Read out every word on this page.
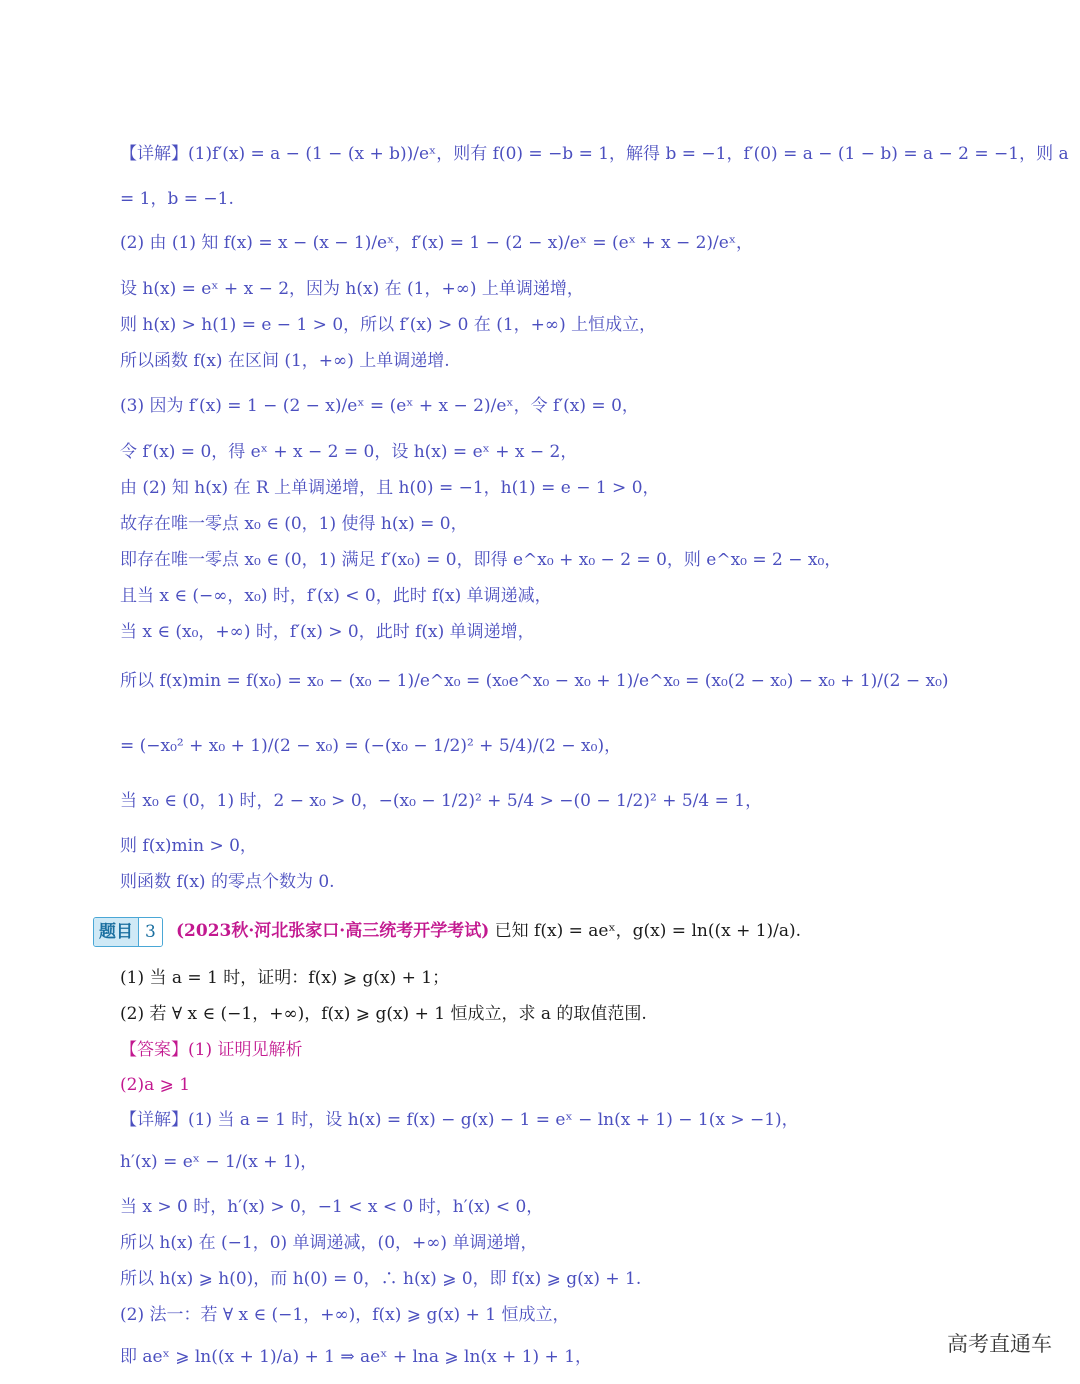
【详解】(1)f′(x) = a − (1 − (x + b))/eˣ，则有 f(0) = −b = 1，解得 b = −1，f′(0) = a − (1 − b) = a − 2 = −1，则 a
= 1，b = −1.
(2) 由 (1) 知 f(x) = x − (x − 1)/eˣ，f′(x) = 1 − (2 − x)/eˣ = (eˣ + x − 2)/eˣ，
设 h(x) = eˣ + x − 2，因为 h(x) 在 (1，+∞) 上单调递增，
则 h(x) > h(1) = e − 1 > 0，所以 f′(x) > 0 在 (1，+∞) 上恒成立，
所以函数 f(x) 在区间 (1，+∞) 上单调递增.
(3) 因为 f′(x) = 1 − (2 − x)/eˣ = (eˣ + x − 2)/eˣ，令 f′(x) = 0，
令 f′(x) = 0，得 eˣ + x − 2 = 0，设 h(x) = eˣ + x − 2，
由 (2) 知 h(x) 在 R 上单调递增，且 h(0) = −1，h(1) = e − 1 > 0，
故存在唯一零点 x₀ ∈ (0，1) 使得 h(x) = 0，
即存在唯一零点 x₀ ∈ (0，1) 满足 f′(x₀) = 0，即得 e^x₀ + x₀ − 2 = 0，则 e^x₀ = 2 − x₀，
且当 x ∈ (−∞，x₀) 时，f′(x) < 0，此时 f(x) 单调递减，
当 x ∈ (x₀，+∞) 时，f′(x) > 0，此时 f(x) 单调递增，
所以 f(x)min = f(x₀) = x₀ − (x₀ − 1)/e^x₀ = (x₀e^x₀ − x₀ + 1)/e^x₀ = (x₀(2 − x₀) − x₀ + 1)/(2 − x₀)
= (−x₀² + x₀ + 1)/(2 − x₀) = (−(x₀ − 1/2)² + 5/4)/(2 − x₀)，
当 x₀ ∈ (0，1) 时，2 − x₀ > 0，−(x₀ − 1/2)² + 5/4 > −(0 − 1/2)² + 5/4 = 1，
则 f(x)min > 0，
则函数 f(x) 的零点个数为 0.
题目 3	(2023秋·河北张家口·高三统考开学考试) 已知 f(x) = aeˣ，g(x) = ln((x + 1)/a).
(1) 当 a = 1 时，证明：f(x) ⩾ g(x) + 1；
(2) 若 ∀ x ∈ (−1，+∞)，f(x) ⩾ g(x) + 1 恒成立，求 a 的取值范围.
【答案】(1) 证明见解析
(2)a ⩾ 1
【详解】(1) 当 a = 1 时，设 h(x) = f(x) − g(x) − 1 = eˣ − ln(x + 1) − 1(x > −1)，
h′(x) = eˣ − 1/(x + 1)，
当 x > 0 时，h′(x) > 0，−1 < x < 0 时，h′(x) < 0，
所以 h(x) 在 (−1，0) 单调递减，(0，+∞) 单调递增，
所以 h(x) ⩾ h(0)，而 h(0) = 0，∴ h(x) ⩾ 0，即 f(x) ⩾ g(x) + 1.
(2) 法一：若 ∀ x ∈ (−1，+∞)，f(x) ⩾ g(x) + 1 恒成立，
即 aeˣ ⩾ ln((x + 1)/a) + 1 ⇒ aeˣ + lna ⩾ ln(x + 1) + 1，
高考直通车
